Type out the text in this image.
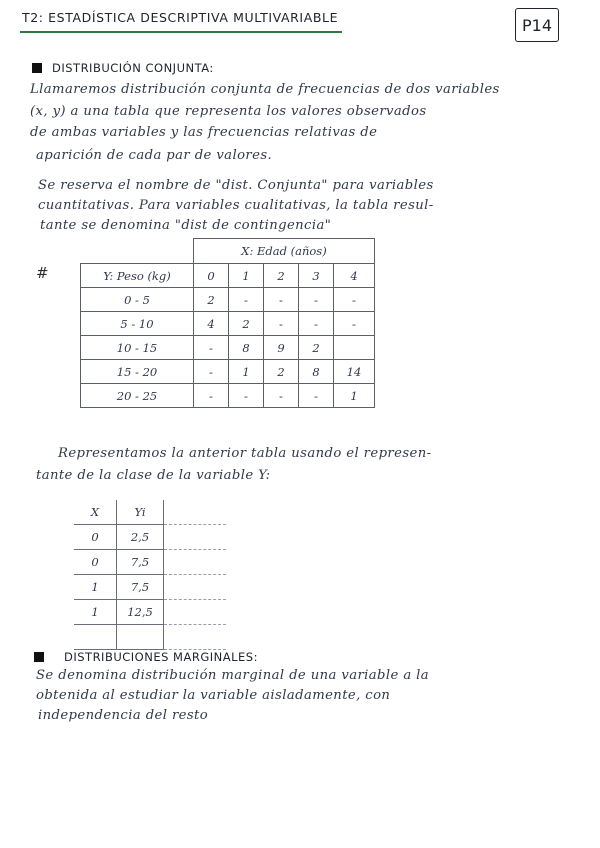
T2: ESTADÍSTICA DESCRIPTIVA MULTIVARIABLE	P14
DISTRIBUCIÓN CONJUNTA:
Llamaremos distribución conjunta de frecuencias de dos variables
(x, y) a una tabla que representa los valores observados
de ambas variables y las frecuencias relativas de
aparición de cada par de valores.
Se reserva el nombre de "dist. Conjunta" para variables
cuantitativas. Para variables cualitativas, la tabla resul-
tante se denomina "dist de contingencia"
#
	X: Edad (años)				
Y: Peso (kg)	0	1	2	3	4
0 - 5	2	-	-	-	-
5 - 10	4	2	-	-	-
10 - 15	-	8	9	2	
15 - 20	-	1	2	8	14
20 - 25	-	-	-	-	1
Representamos la anterior tabla usando el represen-
tante de la clase de la variable Y:
X	Yi	
0	2,5	
0	7,5	
1	7,5	
1	12,5	

DISTRIBUCIONES MARGINALES:
Se denomina distribución marginal de una variable a la
obtenida al estudiar la variable aisladamente, con
independencia del resto
